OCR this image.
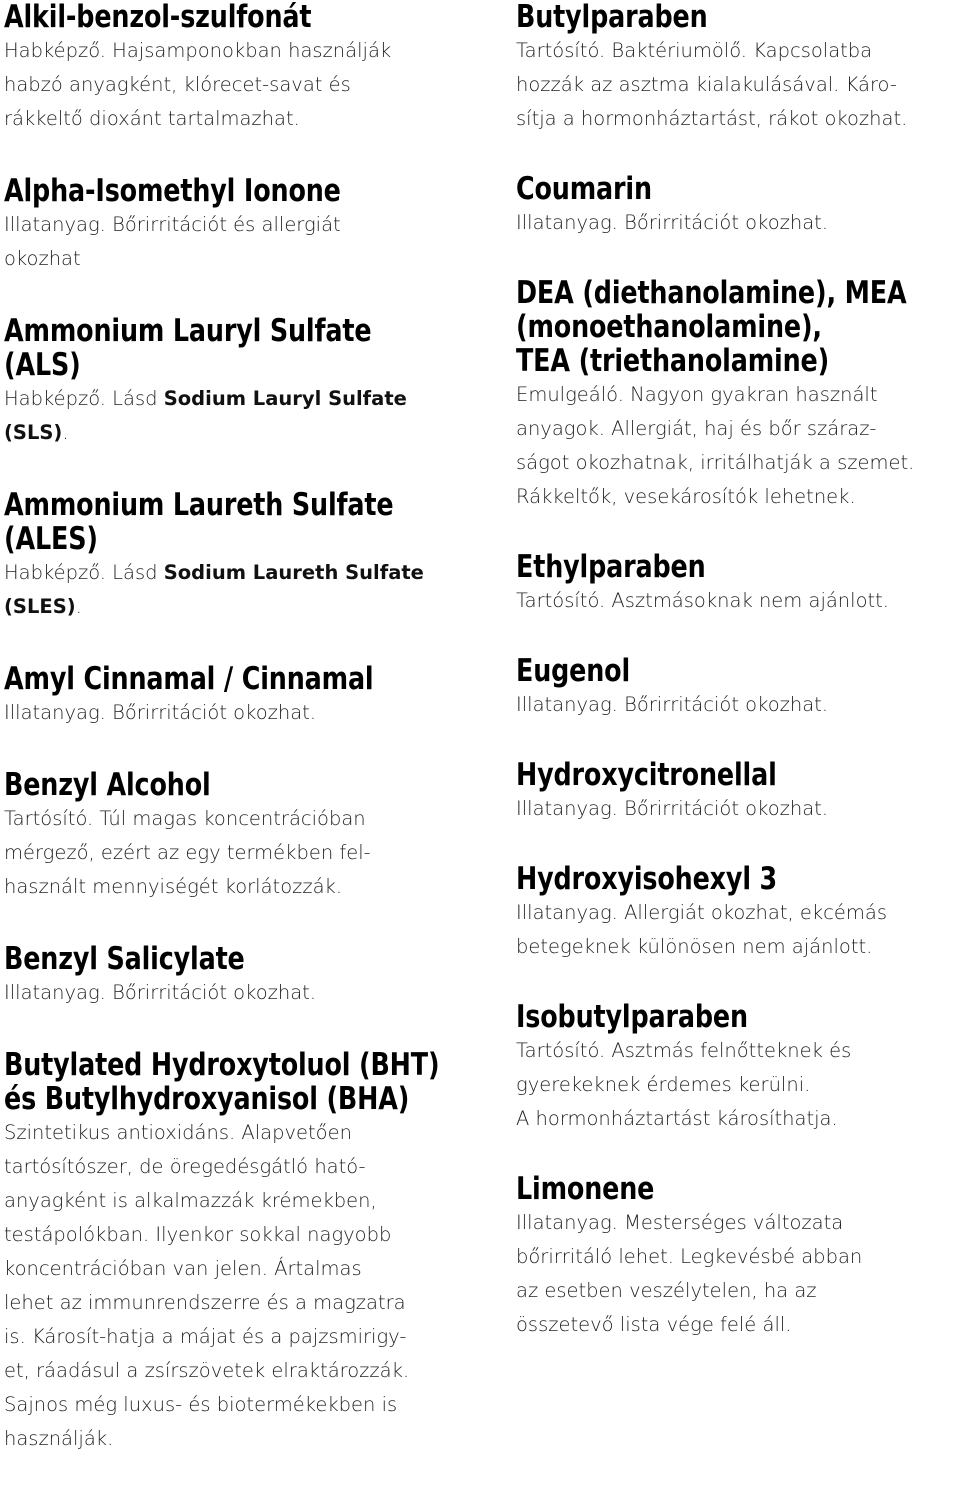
Alkil-benzol-szulfonát

Habképző. Hajsamponokban használják
habzó anyagként, klórecet-savat és
rákkeltő dioxánt tartalmazhat.

Alpha-Isomethyl Ionone

Illatanyag. Bőrirritációt és allergiát
okozhat

Ammonium Lauryl Sulfate
(ALS)

Habképző. Lásd Sodium Lauryl Sulfate
(SLS).

Ammonium Laureth Sulfate
(ALES)

Habképző. Lásd Sodium Laureth Sulfate
(SLES).

Amyl Cinnamal / Cinnamal

Illatanyag. Bőrirritációt okozhat.

Benzyl Alcohol

Tartósító. Túl magas koncentrációban
mérgező, ezért az egy termékben fel-
használt mennyiségét korlátozzák.

Benzyl Salicylate

Illatanyag. Bőrirritációt okozhat.

Butylated Hydroxytoluol (BHT)
és Butylhydroxyanisol (BHA)

Szintetikus antioxidáns. Alapvetően
tartósítószer, de öregedésgátló ható-
anyagként is alkalmazzák krémekben,
testápolókban. Ilyenkor sokkal nagyobb
koncentrációban van jelen. Ártalmas
lehet az immunrendszerre és a magzatra
is. Károsít-hatja a májat és a pajzsmirigy-
et, ráadásul a zsírszövetek elraktározzák.
Sajnos még luxus- és biotermékekben is
használják.

Butylparaben

Tartósító. Baktériumölő. Kapcsolatba
hozzák az asztma kialakulásával. Káro-
sítja a hormonháztartást, rákot okozhat.

Coumarin

Illatanyag. Bőrirritációt okozhat.

DEA (diethanolamine), MEA
(monoethanolamine),
TEA (triethanolamine)

Emulgeáló. Nagyon gyakran használt
anyagok. Allergiát, haj és bőr száraz-
ságot okozhatnak, irritálhatják a szemet.
Rákkeltők, vesekárosítók lehetnek.

Ethylparaben

Tartósító. Asztmásoknak nem ajánlott.

Eugenol

Illatanyag. Bőrirritációt okozhat.

Hydroxycitronellal

Illatanyag. Bőrirritációt okozhat.

Hydroxyisohexyl 3

Illatanyag. Allergiát okozhat, ekcémás
betegeknek különösen nem ajánlott.

Isobutylparaben

Tartósító. Asztmás felnőtteknek és
gyerekeknek érdemes kerülni.
A hormonháztartást károsíthatja.

Limonene

Illatanyag. Mesterséges változata
bőrirritáló lehet. Legkevésbé abban
az esetben veszélytelen, ha az
összetevő lista vége felé áll.
